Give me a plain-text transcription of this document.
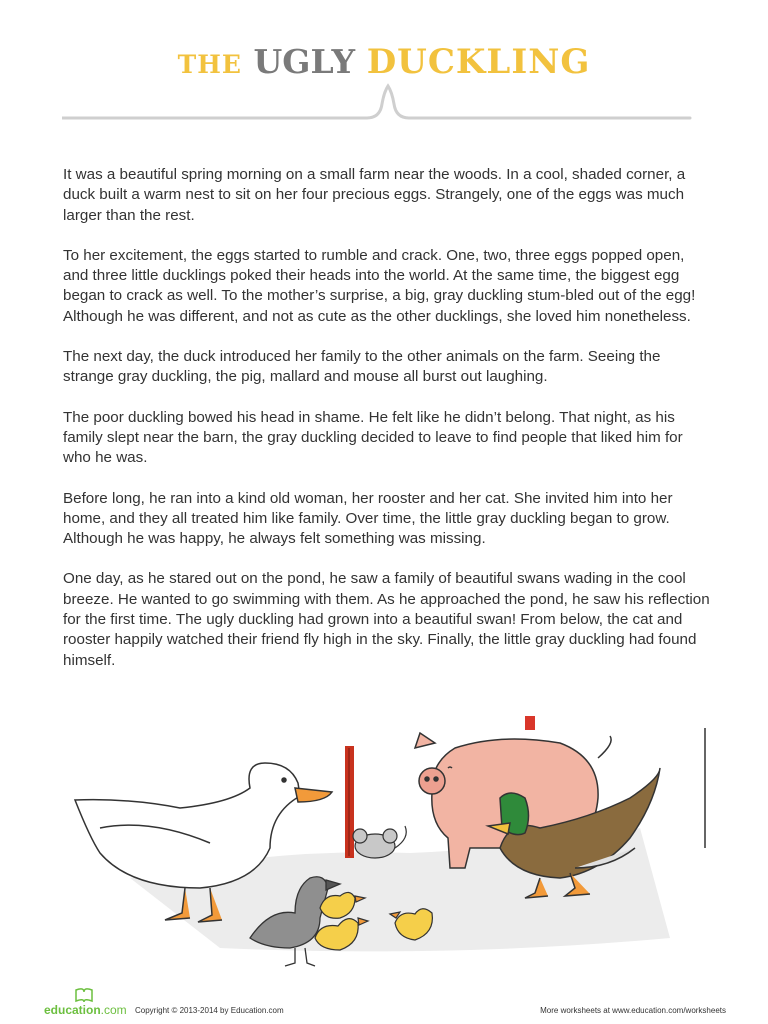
THE UGLY DUCKLING

It was a beautiful spring morning on a small farm near the woods. In a cool, shaded corner, a duck built a warm nest to sit on her four precious eggs. Strangely, one of the eggs was much larger than the rest.

To her excitement, the eggs started to rumble and crack. One, two, three eggs popped open, and three little ducklings poked their heads into the world. At the same time, the biggest egg began to crack as well. To the mother’s surprise, a big, gray duckling stum-bled out of the egg! Although he was different, and not as cute as the other ducklings, she loved him nonetheless.

The next day, the duck introduced her family to the other animals on the farm. Seeing the strange gray duckling, the pig, mallard and mouse all burst out laughing.

The poor duckling bowed his head in shame. He felt like he didn’t belong. That night, as his family slept near the barn, the gray duckling decided to leave to find people that liked him for who he was.

Before long, he ran into a kind old woman, her rooster and her cat. She invited him into her home, and they all treated him like family. Over time, the little gray duckling began to grow. Although he was happy, he always felt something was missing.

One day, as he stared out on the pond, he saw a family of beautiful swans wading in the cool breeze. He wanted to go swimming with them. As he approached the pond, he saw his reflection for the first time. The ugly duckling had grown into a beautiful swan! From below, the cat and rooster happily watched their friend fly high in the sky. Finally, the little gray duckling had found himself.

education.com Copyright © 2013-2014 by Education.com	More worksheets at www.education.com/worksheets
